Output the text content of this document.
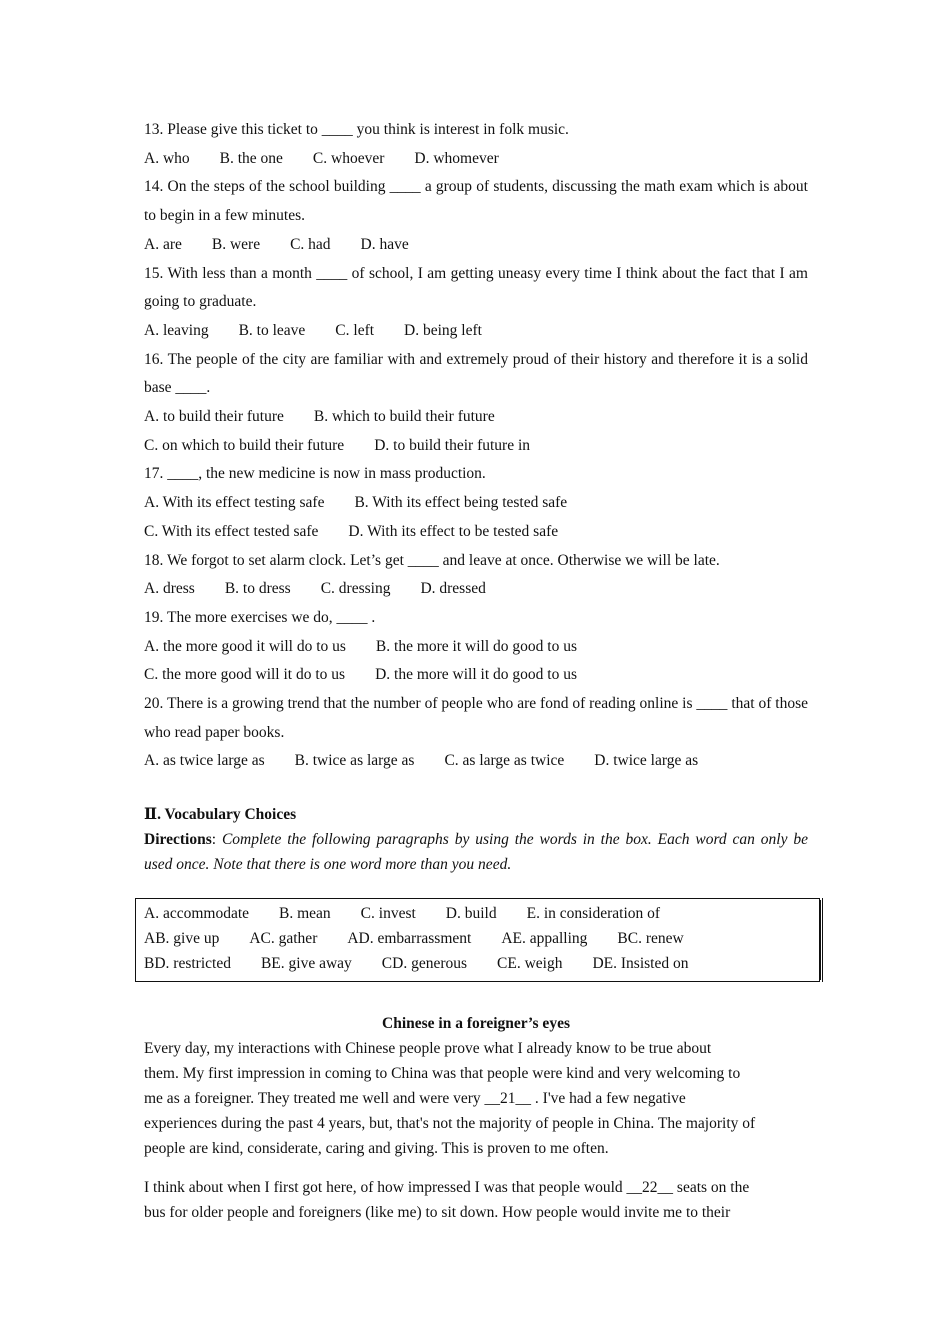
13. Please give this ticket to ____ you think is interest in folk music.
A. who B. the one C. whoever D. whomever
14. On the steps of the school building ____ a group of students, discussing the math exam which is about to begin in a few minutes.
A. are B. were C. had D. have
15. With less than a month ____ of school, I am getting uneasy every time I think about the fact that I am going to graduate.
A. leaving B. to leave C. left D. being left
16. The people of the city are familiar with and extremely proud of their history and therefore it is a solid base ____.
A. to build their future B. which to build their future
C. on which to build their future D. to build their future in
17. ____, the new medicine is now in mass production.
A. With its effect testing safe B. With its effect being tested safe
C. With its effect tested safe D. With its effect to be tested safe
18. We forgot to set alarm clock. Let’s get ____ and leave at once. Otherwise we will be late.
A. dress B. to dress C. dressing D. dressed
19. The more exercises we do, ____ .
A. the more good it will do to us B. the more it will do good to us
C. the more good will it do to us D. the more will it do good to us
20. There is a growing trend that the number of people who are fond of reading online is ____ that of those who read paper books.
A. as twice large as B. twice as large as C. as large as twice D. twice large as
Ⅱ. Vocabulary Choices
Directions: Complete the following paragraphs by using the words in the box. Each word can only be used once. Note that there is one word more than you need.
A. accommodate B. mean C. invest D. build E. in consideration of
AB. give up AC. gather AD. embarrassment AE. appalling BC. renew
BD. restricted BE. give away CD. generous CE. weigh DE. Insisted on
Chinese in a foreigner’s eyes
Every day, my interactions with Chinese people prove what I already know to be true about
them. My first impression in coming to China was that people were kind and very welcoming to
me as a foreigner. They treated me well and were very __21__ . I've had a few negative
experiences during the past 4 years, but, that's not the majority of people in China. The majority of
people are kind, considerate, caring and giving. This is proven to me often.
I think about when I first got here, of how impressed I was that people would __22__ seats on the
bus for older people and foreigners (like me) to sit down. How people would invite me to their
